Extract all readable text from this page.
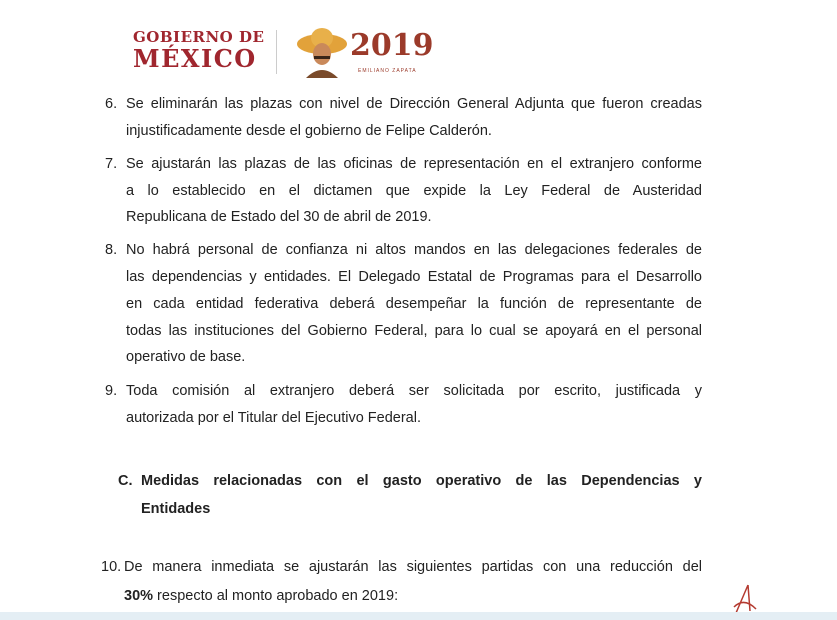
GOBIERNO DE
MÉXICO	2019
EMILIANO ZAPATA
6. Se eliminarán las plazas con nivel de Dirección General Adjunta que fueron creadas
injustificadamente desde el gobierno de Felipe Calderón.
7. Se ajustarán las plazas de las oficinas de representación en el extranjero conforme
a lo establecido en el dictamen que expide la Ley Federal de Austeridad
Republicana de Estado del 30 de abril de 2019.
8. No habrá personal de confianza ni altos mandos en las delegaciones federales de
las dependencias y entidades. El Delegado Estatal de Programas para el Desarrollo
en cada entidad federativa deberá desempeñar la función de representante de
todas las instituciones del Gobierno Federal, para lo cual se apoyará en el personal
operativo de base.
9. Toda comisión al extranjero deberá ser solicitada por escrito, justificada y
autorizada por el Titular del Ejecutivo Federal.
C. Medidas relacionadas con el gasto operativo de las Dependencias y
Entidades
10. De manera inmediata se ajustarán las siguientes partidas con una reducción del
30% respecto al monto aprobado en 2019:
